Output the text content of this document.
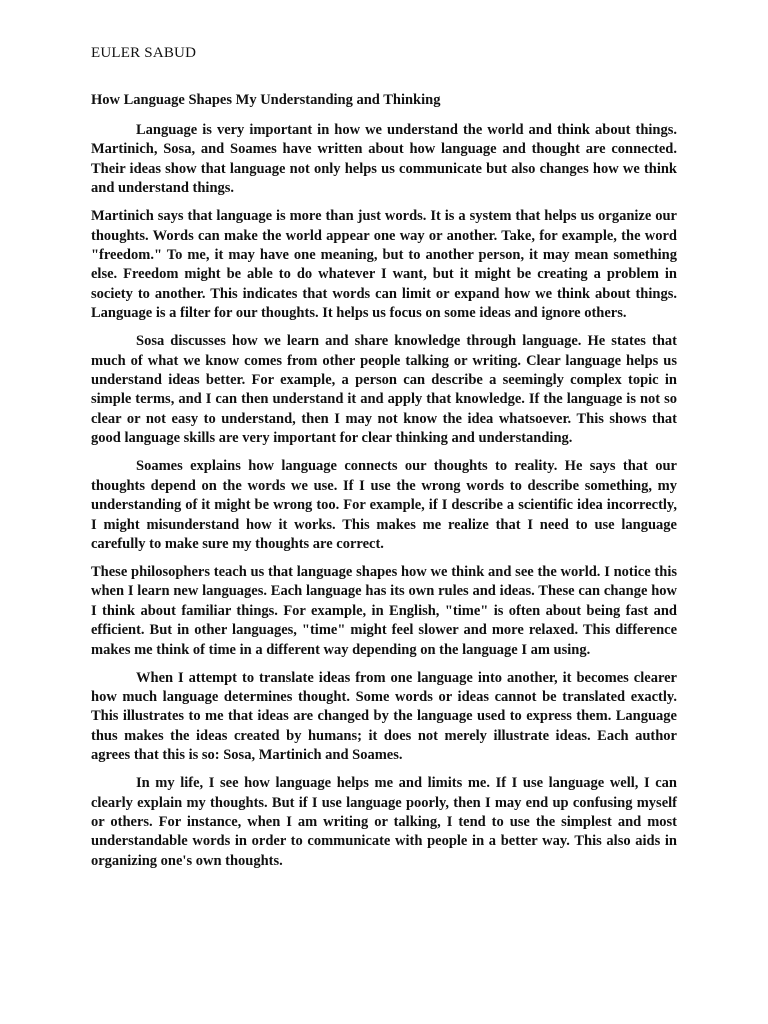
EULER SABUD
How Language Shapes My Understanding and Thinking

Language is very important in how we understand the world and think about things. Martinich, Sosa, and Soames have written about how language and thought are connected. Their ideas show that language not only helps us communicate but also changes how we think and understand things.

Martinich says that language is more than just words. It is a system that helps us organize our thoughts. Words can make the world appear one way or another. Take, for example, the word "freedom." To me, it may have one meaning, but to another person, it may mean something else. Freedom might be able to do whatever I want, but it might be creating a problem in society to another. This indicates that words can limit or expand how we think about things. Language is a filter for our thoughts. It helps us focus on some ideas and ignore others.

Sosa discusses how we learn and share knowledge through language. He states that much of what we know comes from other people talking or writing. Clear language helps us understand ideas better. For example, a person can describe a seemingly complex topic in simple terms, and I can then understand it and apply that knowledge. If the language is not so clear or not easy to understand, then I may not know the idea whatsoever. This shows that good language skills are very important for clear thinking and understanding.

Soames explains how language connects our thoughts to reality. He says that our thoughts depend on the words we use. If I use the wrong words to describe something, my understanding of it might be wrong too. For example, if I describe a scientific idea incorrectly, I might misunderstand how it works. This makes me realize that I need to use language carefully to make sure my thoughts are correct.

These philosophers teach us that language shapes how we think and see the world. I notice this when I learn new languages. Each language has its own rules and ideas. These can change how I think about familiar things. For example, in English, "time" is often about being fast and efficient. But in other languages, "time" might feel slower and more relaxed. This difference makes me think of time in a different way depending on the language I am using.

When I attempt to translate ideas from one language into another, it becomes clearer how much language determines thought. Some words or ideas cannot be translated exactly. This illustrates to me that ideas are changed by the language used to express them. Language thus makes the ideas created by humans; it does not merely illustrate ideas. Each author agrees that this is so: Sosa, Martinich and Soames.

In my life, I see how language helps me and limits me. If I use language well, I can clearly explain my thoughts. But if I use language poorly, then I may end up confusing myself or others. For instance, when I am writing or talking, I tend to use the simplest and most understandable words in order to communicate with people in a better way. This also aids in organizing one's own thoughts.
